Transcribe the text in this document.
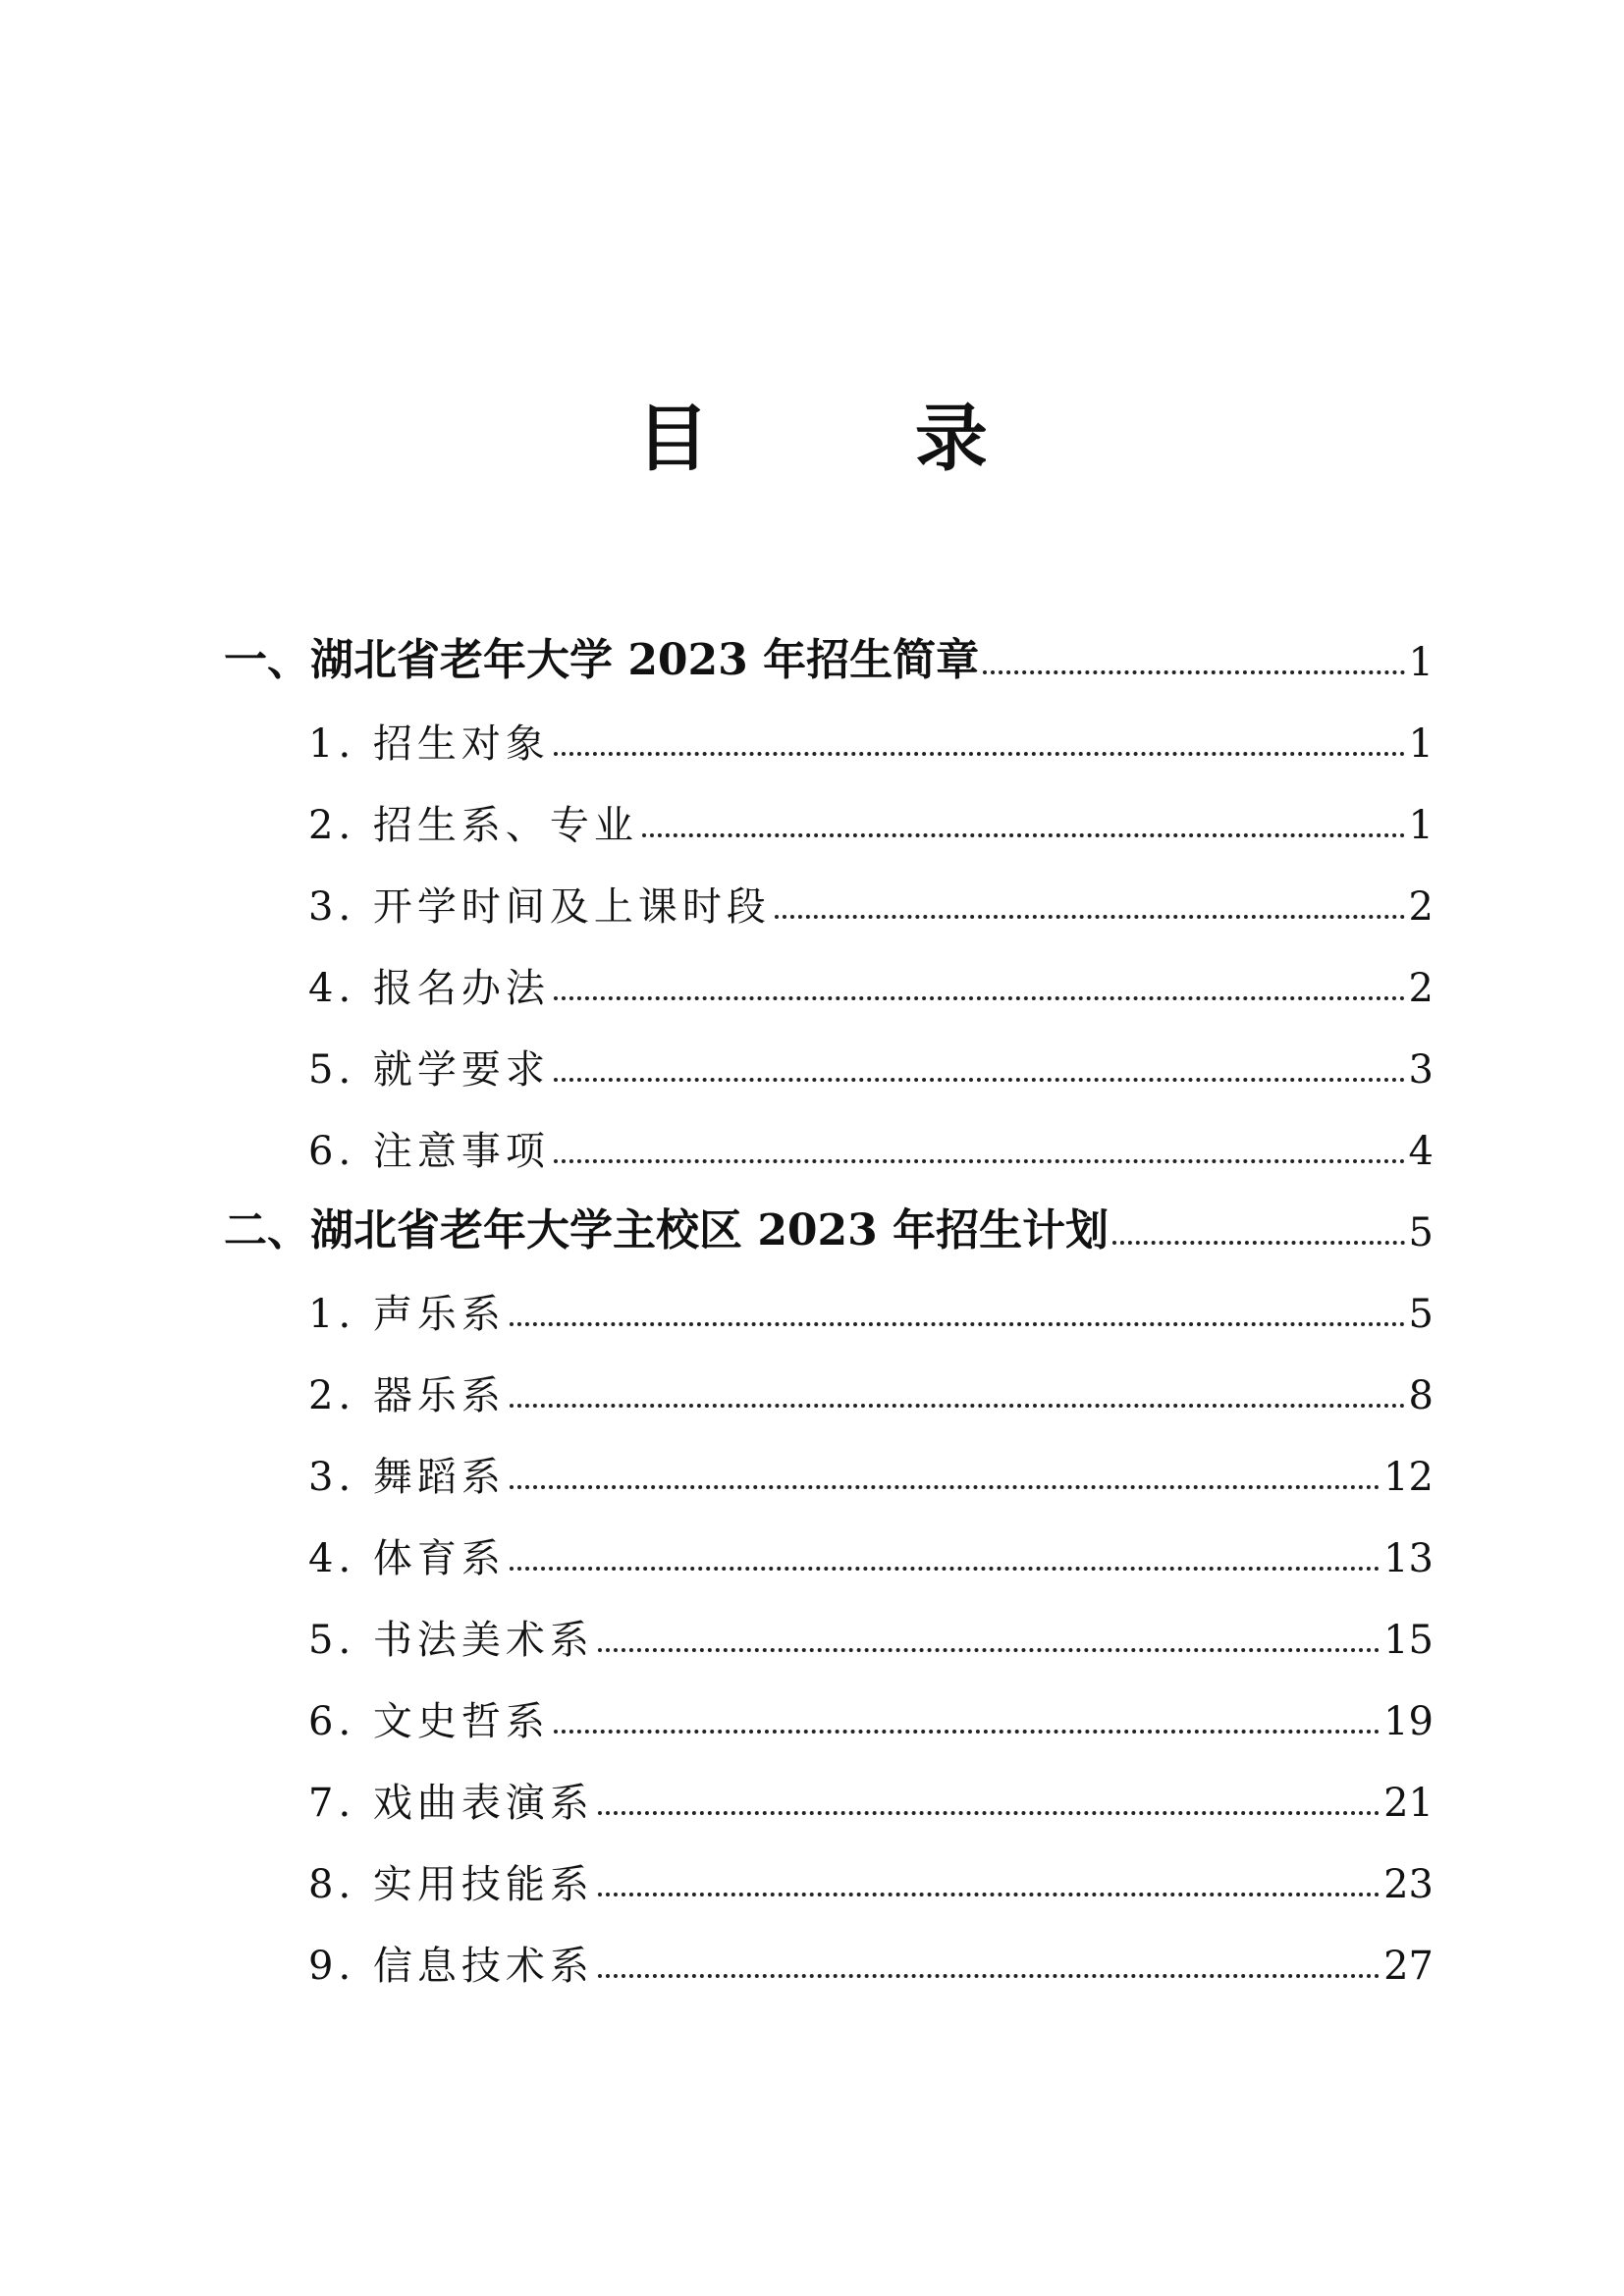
目 录
一、湖北省老年大学 2023 年招生简章	1
1. 招生对象	1
2. 招生系、专业	1
3. 开学时间及上课时段	2
4. 报名办法	2
5. 就学要求	3
6. 注意事项	4
二、湖北省老年大学主校区 2023 年招生计划	5
1. 声乐系	5
2. 器乐系	8
3. 舞蹈系	12
4. 体育系	13
5. 书法美术系	15
6. 文史哲系	19
7. 戏曲表演系	21
8. 实用技能系	23
9. 信息技术系	27
